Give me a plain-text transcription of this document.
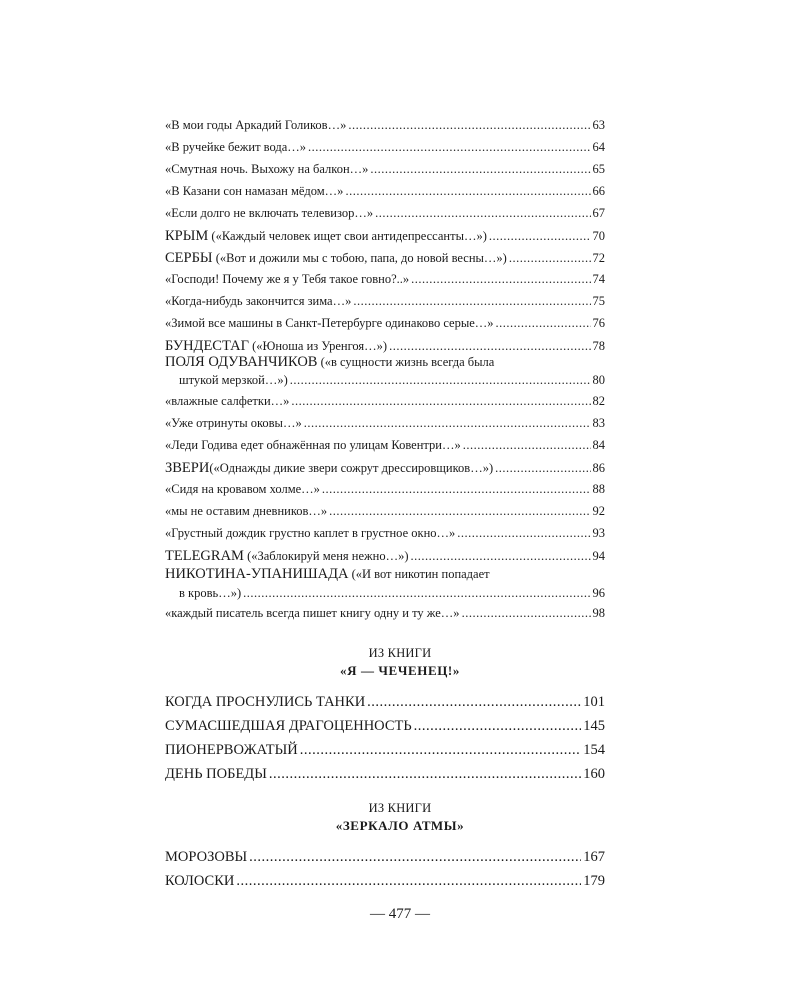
«В мои годы Аркадий Голиков…» .....	63
«В ручейке бежит вода…» .....	64
«Смутная ночь. Выхожу на балкон…» .....	65
«В Казани сон намазан мёдом…» .....	66
«Если долго не включать телевизор…» .....	67
КРЫМ («Каждый человек ищет свои антидепрессанты…») .....	70
СЕРБЫ («Вот и дожили мы с тобою, папа, до новой весны…») .....	72
«Господи! Почему же я у Тебя такое говно?..» .....	74
«Когда-нибудь закончится зима…» .....	75
«Зимой все машины в Санкт-Петербурге одинаково серые…» .....	76
БУНДЕСТАГ («Юноша из Уренгоя…») .....	78
ПОЛЯ ОДУВАНЧИКОВ («в сущности жизнь всегда была
штукой мерзкой…») .....	80
«влажные салфетки…» .....	82
«Уже отринуты оковы…» .....	83
«Леди Годива едет обнажённая по улицам Ковентри…» .....	84
ЗВЕРИ(«Однажды дикие звери сожрут дрессировщиков…») .....	86
«Сидя на кровавом холме…» .....	88
«мы не оставим дневников…» .....	92
«Грустный дождик грустно каплет в грустное окно…» .....	93
TELEGRAM («Заблокируй меня нежно…») .....	94
НИКОТИНА-УПАНИШАДА («И вот никотин попадает
в кровь…») .....	96
«каждый писатель всегда пишет книгу одну и ту же…» .....	98
КОГДА ПРОСНУЛИСЬ ТАНКИ .....	101
СУМАСШЕДШАЯ ДРАГОЦЕННОСТЬ .....	145
ПИОНЕРВОЖАТЫЙ .....	154
ДЕНЬ ПОБЕДЫ .....	160
МОРОЗОВЫ .....	167
КОЛОСКИ .....	179
ИЗ КНИГИ
«Я — ЧЕЧЕНЕЦ!»
ИЗ КНИГИ
«ЗЕРКАЛО АТМЫ»
— 477 —
